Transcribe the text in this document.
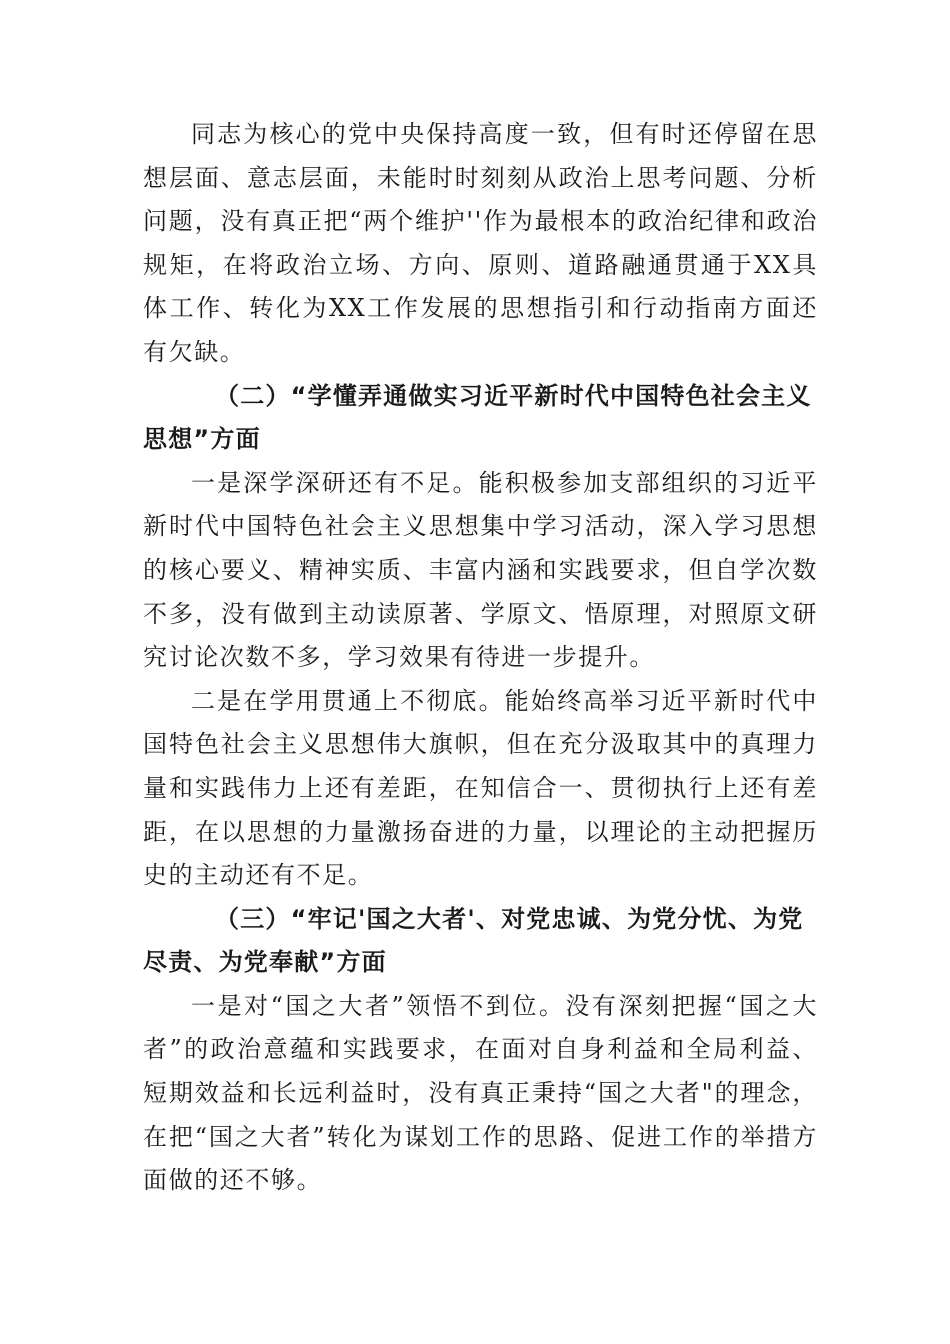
同志为核心的党中央保持高度一致，但有时还停留在思想层面、意志层面，未能时时刻刻从政治上思考问题、分析问题，没有真正把“两个维护''作为最根本的政治纪律和政治规矩，在将政治立场、方向、原则、道路融通贯通于XX具体工作、转化为XX工作发展的思想指引和行动指南方面还有欠缺。

（二）“学懂弄通做实习近平新时代中国特色社会主义思想”方面

一是深学深研还有不足。能积极参加支部组织的习近平新时代中国特色社会主义思想集中学习活动，深入学习思想的核心要义、精神实质、丰富内涵和实践要求，但自学次数不多，没有做到主动读原著、学原文、悟原理，对照原文研究讨论次数不多，学习效果有待进一步提升。

二是在学用贯通上不彻底。能始终高举习近平新时代中国特色社会主义思想伟大旗帜，但在充分汲取其中的真理力量和实践伟力上还有差距，在知信合一、贯彻执行上还有差距，在以思想的力量激扬奋进的力量，以理论的主动把握历史的主动还有不足。

（三）“牢记'国之大者'、对党忠诚、为党分忧、为党尽责、为党奉献”方面

一是对“国之大者”领悟不到位。没有深刻把握“国之大者”的政治意蕴和实践要求，在面对自身利益和全局利益、短期效益和长远利益时，没有真正秉持“国之大者"的理念，在把“国之大者”转化为谋划工作的思路、促进工作的举措方面做的还不够。
